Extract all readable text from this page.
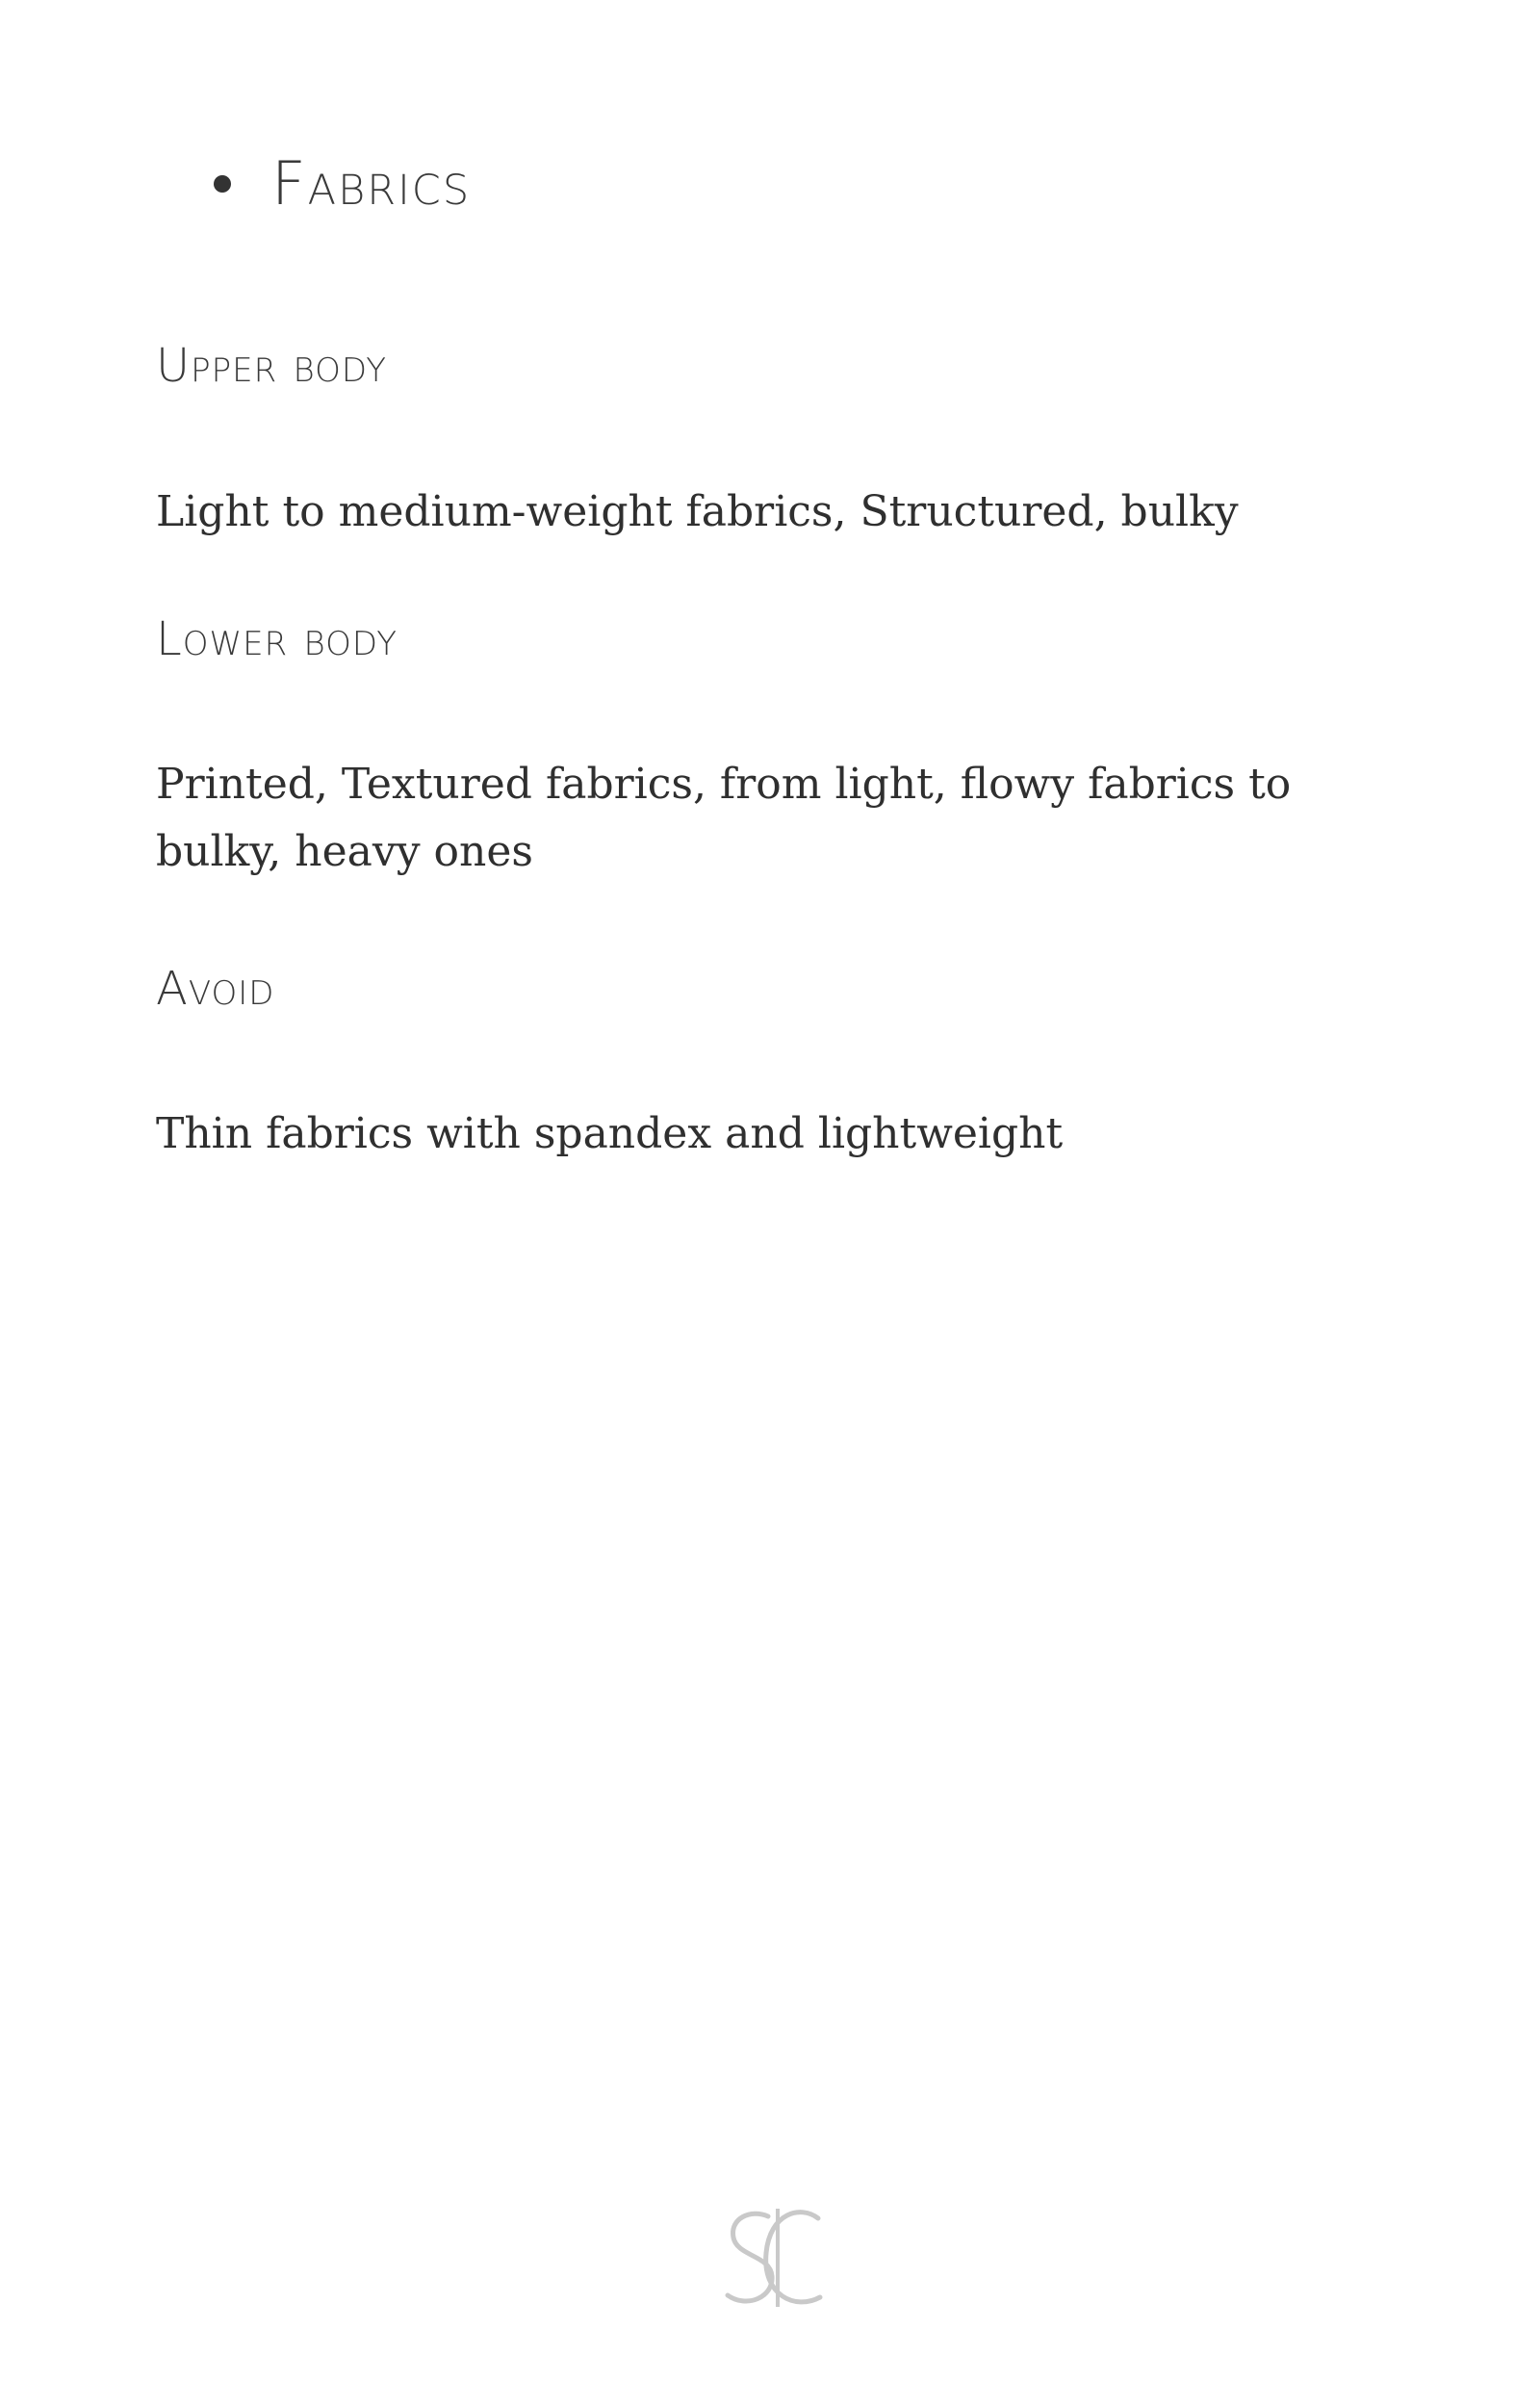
Fabrics
Upper body
Light to medium-weight fabrics, Structured, bulky
Lower body
Printed, Textured fabrics, from light, flowy fabrics to bulky, heavy ones
Avoid
Thin fabrics with spandex and lightweight
